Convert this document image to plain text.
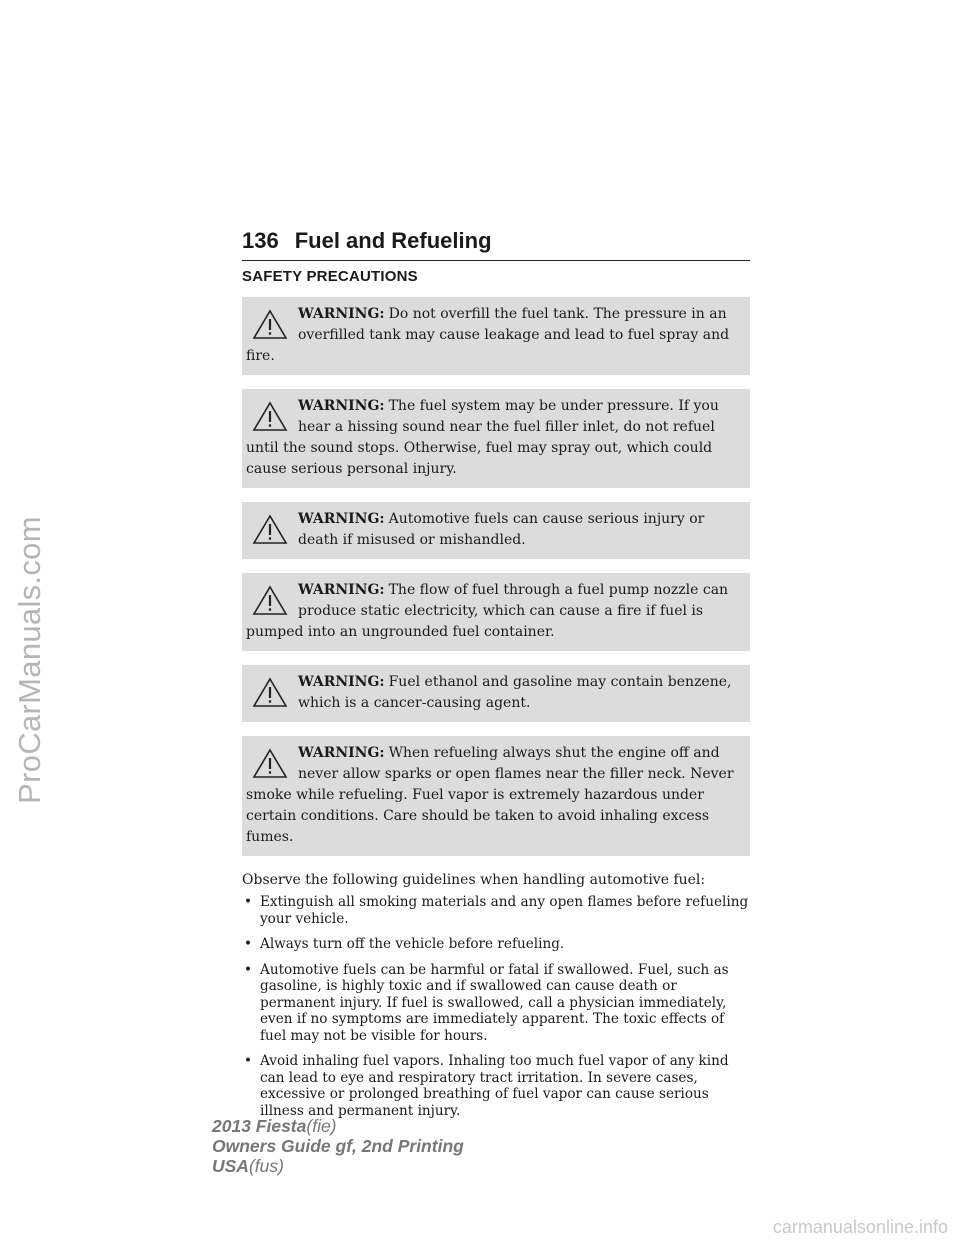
ProCarManuals.com
carmanualsonline.info
136 Fuel and Refueling
SAFETY PRECAUTIONS
WARNING: Do not overfill the fuel tank. The pressure in an overfilled tank may cause leakage and lead to fuel spray and fire.
WARNING: The fuel system may be under pressure. If you hear a hissing sound near the fuel filler inlet, do not refuel until the sound stops. Otherwise, fuel may spray out, which could cause serious personal injury.
WARNING: Automotive fuels can cause serious injury or death if misused or mishandled.
WARNING: The flow of fuel through a fuel pump nozzle can produce static electricity, which can cause a fire if fuel is pumped into an ungrounded fuel container.
WARNING: Fuel ethanol and gasoline may contain benzene, which is a cancer-causing agent.
WARNING: When refueling always shut the engine off and never allow sparks or open flames near the filler neck. Never smoke while refueling. Fuel vapor is extremely hazardous under certain conditions. Care should be taken to avoid inhaling excess fumes.
Observe the following guidelines when handling automotive fuel:
• Extinguish all smoking materials and any open flames before refueling your vehicle.
• Always turn off the vehicle before refueling.
• Automotive fuels can be harmful or fatal if swallowed. Fuel, such as gasoline, is highly toxic and if swallowed can cause death or permanent injury. If fuel is swallowed, call a physician immediately, even if no symptoms are immediately apparent. The toxic effects of fuel may not be visible for hours.
• Avoid inhaling fuel vapors. Inhaling too much fuel vapor of any kind can lead to eye and respiratory tract irritation. In severe cases, excessive or prolonged breathing of fuel vapor can cause serious illness and permanent injury.
2013 Fiesta(fie)
Owners Guide gf, 2nd Printing
USA(fus)
